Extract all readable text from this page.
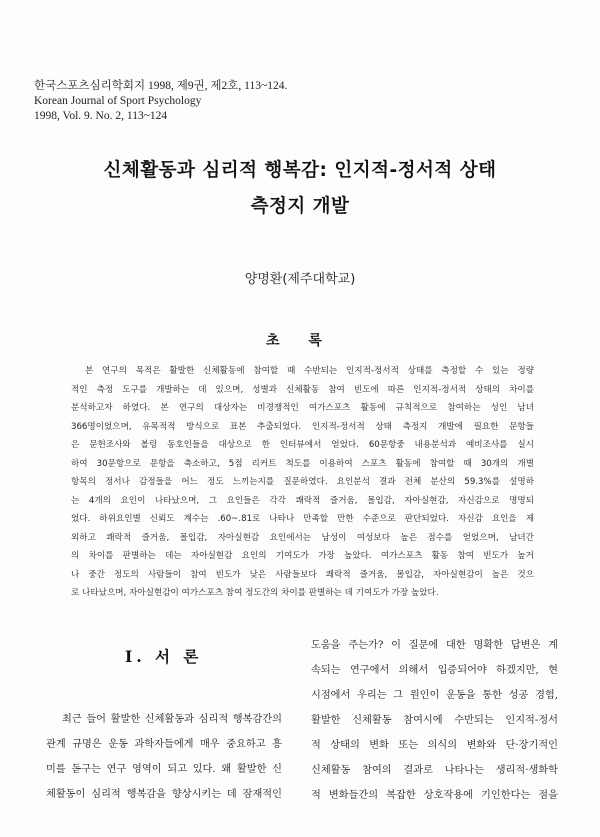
한국스포츠심리학회지 1998, 제9권, 제2호, 113~124.
Korean Journal of Sport Psychology
1998, Vol. 9. No. 2, 113~124
신체활동과 심리적 행복감: 인지적-정서적 상태
측정지 개발
양명환(제주대학교)
초 록
본 연구의 목적은 활발한 신체활동에 참여할 때 수반되는 인지적-정서적 상태를 측정할 수 있는 정량
적인 측정 도구를 개발하는 데 있으며, 성별과 신체활동 참여 빈도에 따른 인지적-정서적 상태의 차이를
분석하고자 하였다. 본 연구의 대상자는 비경쟁적인 여가스포츠 활동에 규칙적으로 참여하는 성인 남녀
366명이었으며, 유목적적 방식으로 표본 추출되었다. 인지적-정서적 상태 측정지 개발에 필요한 문항들
은 문헌조사와 볼링 동호인들을 대상으로 한 인터뷰에서 얻었다. 60문항중 내용분석과 예비조사를 실시
하여 30문항으로 문항을 축소하고, 5점 리커트 척도를 이용하여 스포츠 활동에 참여할 때 30개의 개별
항목의 정서나 감정들을 어느 정도 느끼는지를 질문하였다. 요인분석 결과 전체 분산의 59.3%를 설명하
는 4개의 요인이 나타났으며, 그 요인들은 각각 쾌락적 즐거움, 몰입감, 자아실현감, 자신감으로 명명되
었다. 하위요인별 신뢰도 계수는 .60~.81로 나타나 만족할 만한 수준으로 판단되었다. 자신감 요인을 제
외하고 쾌락적 즐거움, 몰입감, 자아실현감 요인에서는 남성이 여성보다 높은 점수를 얻었으며, 남녀간
의 차이를 판별하는 데는 자아실현감 요인의 기여도가 가장 높았다. 여가스포츠 활동 참여 빈도가 높거
나 중간 정도의 사람들이 참여 빈도가 낮은 사람들보다 쾌락적 즐거움, 몰입감, 자아실현감이 높은 것으
로 나타났으며, 자아실현감이 여가스포츠 참여 정도간의 차이를 판별하는 데 기여도가 가장 높았다.
Ⅰ. 서 론
최근 들어 활발한 신체활동과 심리적 행복감간의
관계 규명은 운동 과학자들에게 매우 중요하고 흥
미를 돋구는 연구 영역이 되고 있다. 왜 활발한 신
체활동이 심리적 행복감을 향상시키는 데 잠재적인
도움을 주는가? 이 질문에 대한 명확한 답변은 계
속되는 연구에서 의해서 입증되어야 하겠지만, 현
시점에서 우리는 그 원인이 운동을 통한 성공 경험,
활발한 신체활동 참여시에 수반되는 인지적-정서
적 상태의 변화 또는 의식의 변화와 단·장기적인
신체활동 참여의 결과로 나타나는 생리적·생화학
적 변화들간의 복잡한 상호작용에 기인한다는 점을
